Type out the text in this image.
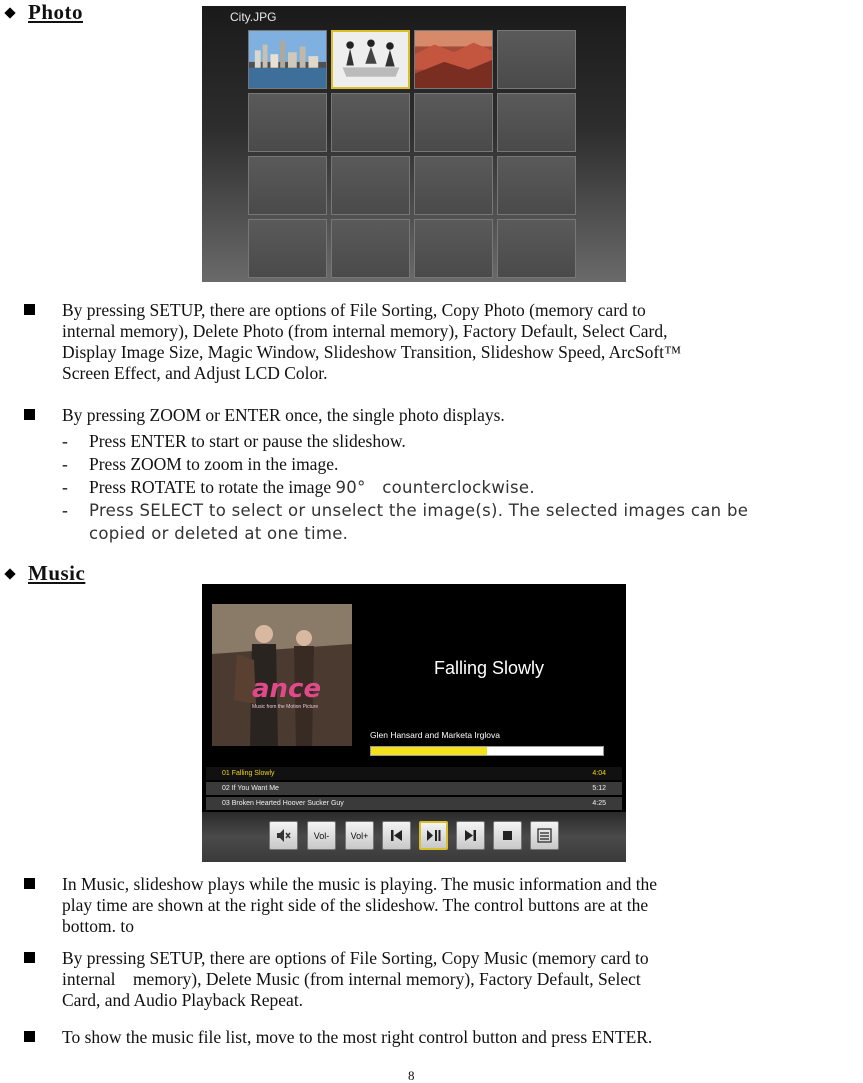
Photo	City.JPG
By pressing SETUP, there are options of File Sorting, Copy Photo (memory card to
internal memory), Delete Photo (from internal memory), Factory Default, Select Card,
Display Image Size, Magic Window, Slideshow Transition, Slideshow Speed, ArcSoft™
Screen Effect, and Adjust LCD Color.
By pressing ZOOM or ENTER once, the single photo displays.
-	Press ENTER to start or pause the slideshow.
-	Press ZOOM to zoom in the image.
-	Press ROTATE to rotate the image 90°   counterclockwise.
-	Press SELECT to select or unselect the image(s). The selected images can be
copied or deleted at one time.
Music
ance
Music from the Motion Picture
Falling Slowly
Glen Hansard and Marketa Irglova
01 Falling Slowly	4:04
02 If You Want Me	5:12
03 Broken Hearted Hoover Sucker Guy	4:25
Vol- Vol+
In Music, slideshow plays while the music is playing. The music information and the
play time are shown at the right side of the slideshow. The control buttons are at the
bottom. to
By pressing SETUP, there are options of File Sorting, Copy Music (memory card to
internal    memory), Delete Music (from internal memory), Factory Default, Select
Card, and Audio Playback Repeat.
To show the music file list, move to the most right control button and press ENTER.
8
